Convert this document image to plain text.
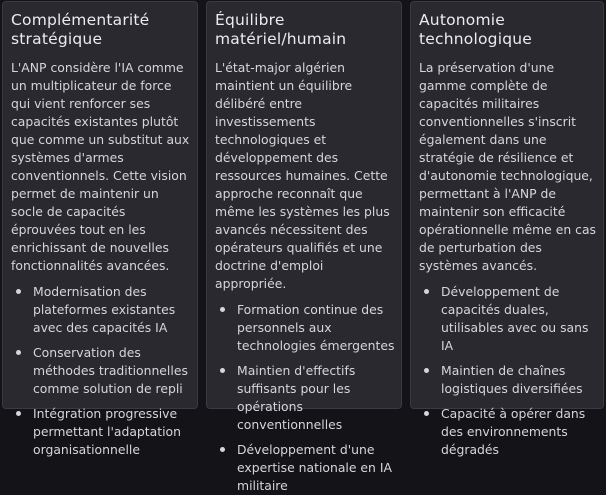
Complémentarité
stratégique

L'ANP considère l'IA comme un multiplicateur de force qui vient renforcer ses capacités existantes plutôt que comme un substitut aux systèmes d'armes conventionnels. Cette vision permet de maintenir un socle de capacités éprouvées tout en les enrichissant de nouvelles fonctionnalités avancées.

Modernisation des plateformes existantes avec des capacités IA
Conservation des méthodes traditionnelles comme solution de repli
Intégration progressive permettant l'adaptation organisationnelle
Équilibre
matériel/humain

L'état-major algérien maintient un équilibre délibéré entre investissements technologiques et développement des ressources humaines. Cette approche reconnaît que même les systèmes les plus avancés nécessitent des opérateurs qualifiés et une doctrine d'emploi appropriée.

Formation continue des personnels aux technologies émergentes
Maintien d'effectifs suffisants pour les opérations conventionnelles
Développement d'une expertise nationale en IA militaire
Autonomie
technologique

La préservation d'une gamme complète de capacités militaires conventionnelles s'inscrit également dans une stratégie de résilience et d'autonomie technologique, permettant à l'ANP de maintenir son efficacité opérationnelle même en cas de perturbation des systèmes avancés.

Développement de capacités duales, utilisables avec ou sans IA
Maintien de chaînes logistiques diversifiées
Capacité à opérer dans des environnements dégradés
